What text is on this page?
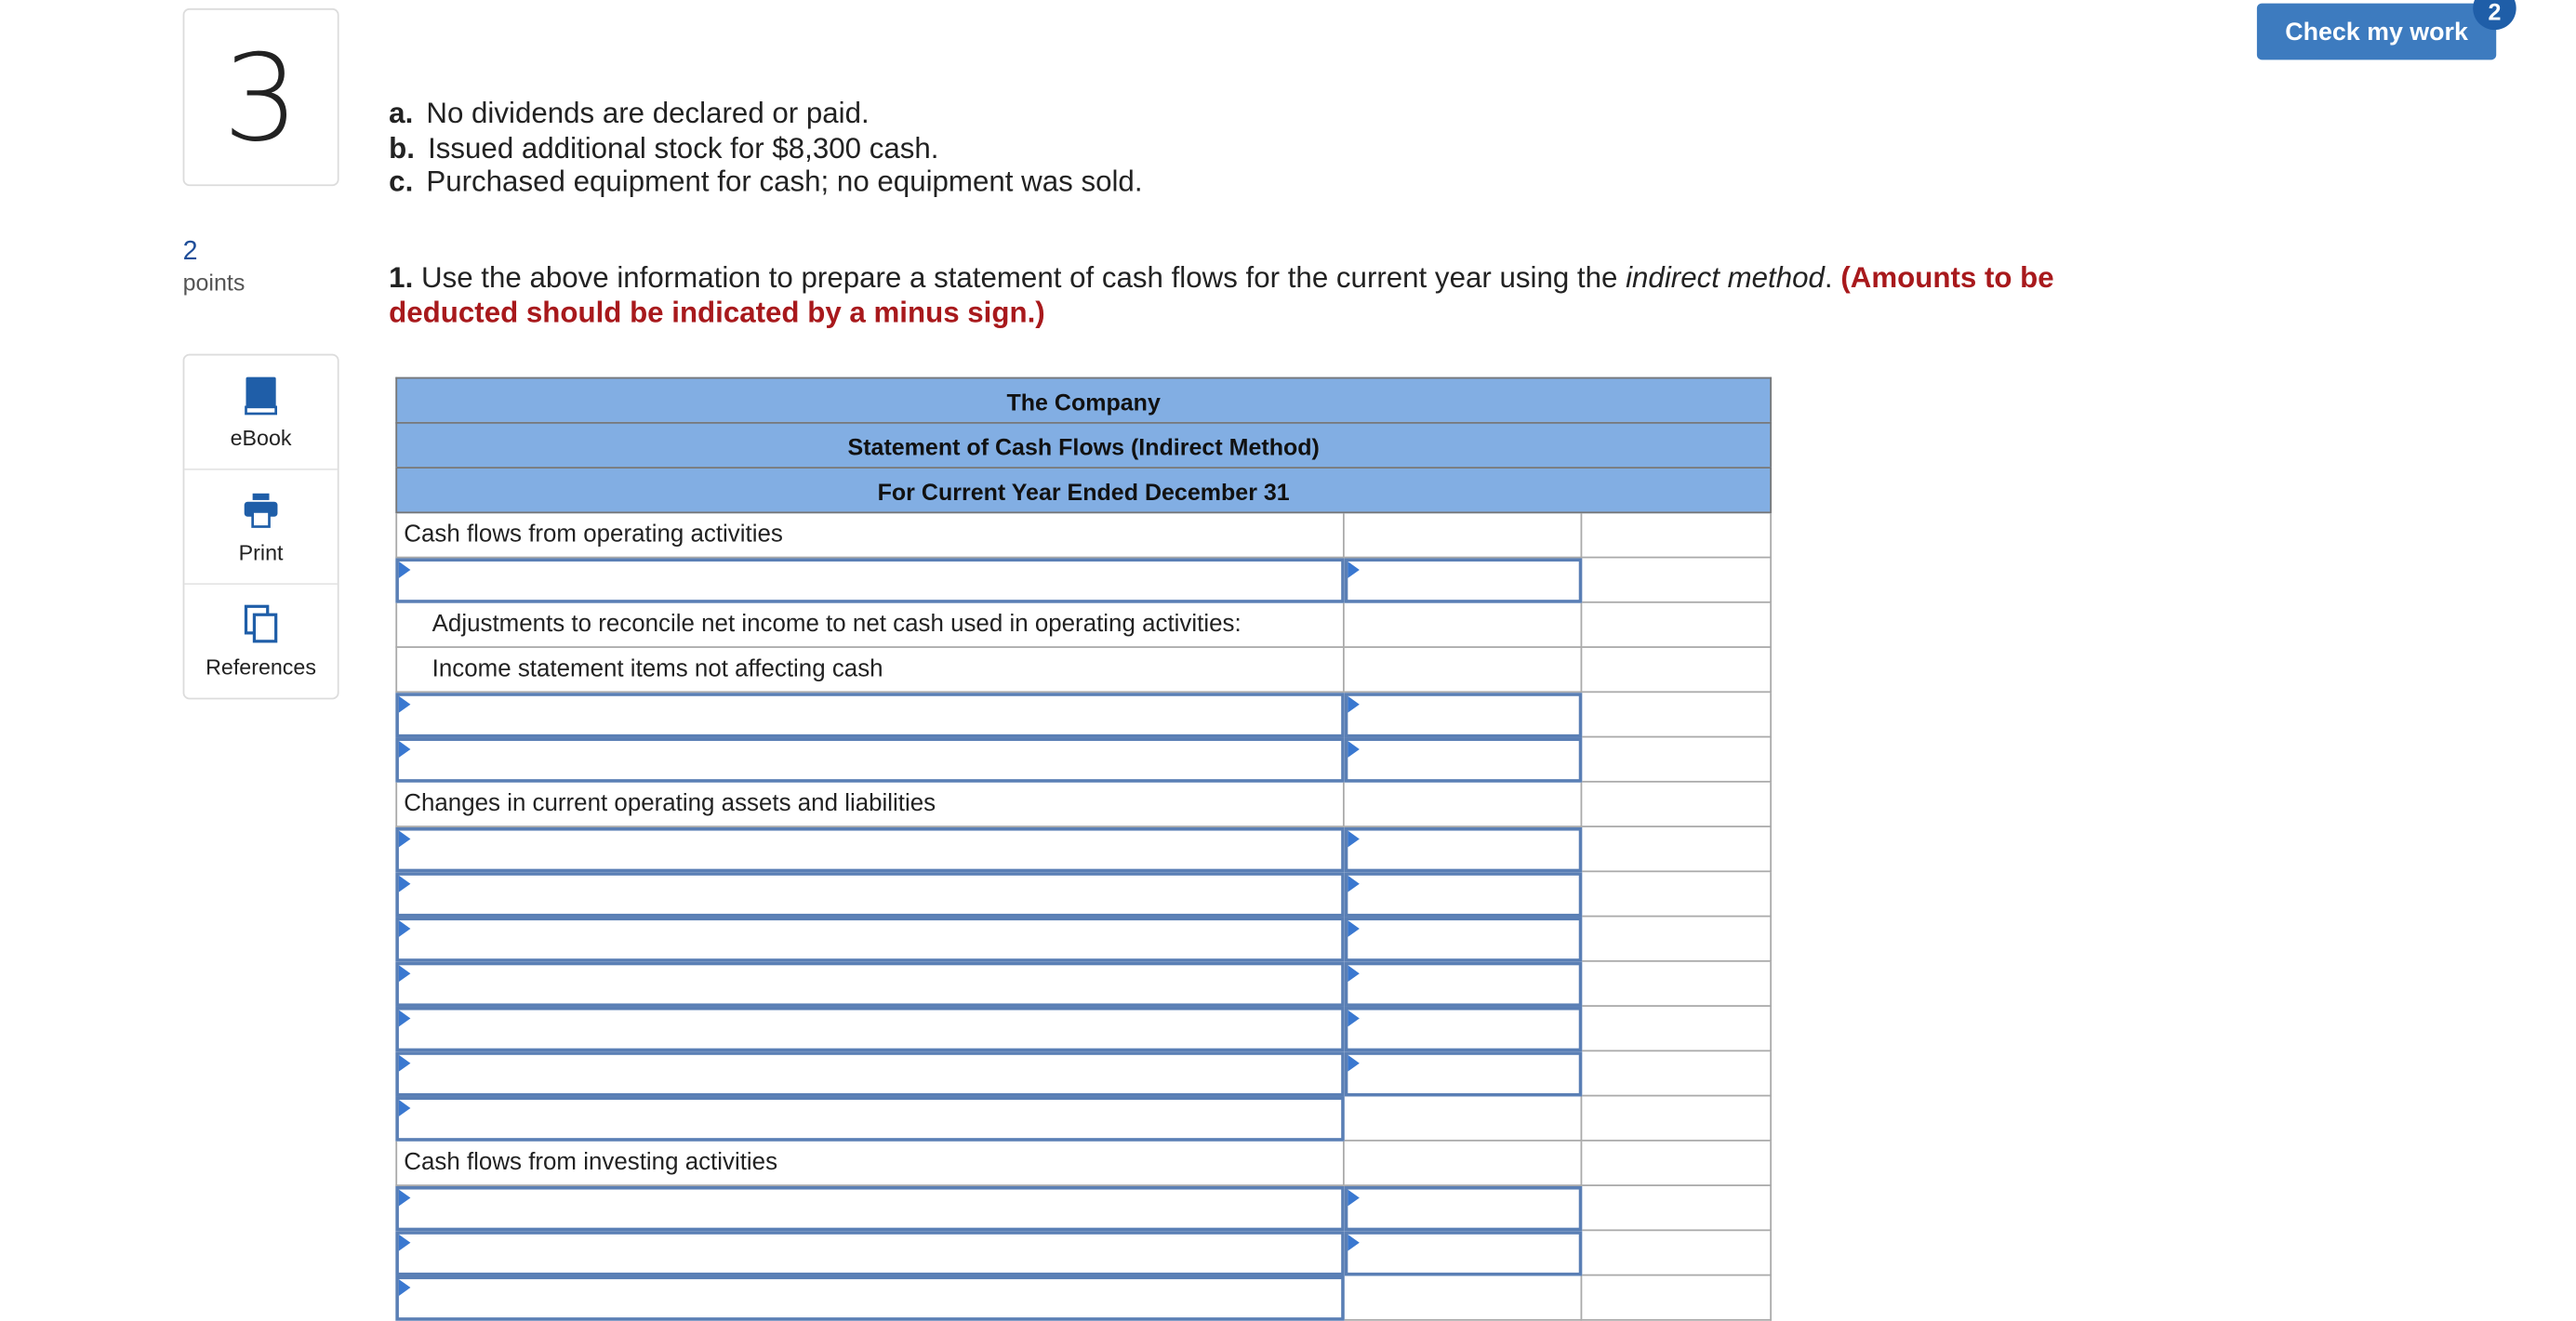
3
2
points
eBook
Print
References
Check my work
2
a. No dividends are declared or paid.
b. Issued additional stock for $8,300 cash.
c. Purchased equipment for cash; no equipment was sold.
1. Use the above information to prepare a statement of cash flows for the current year using the indirect method. (Amounts to be deducted should be indicated by a minus sign.)
The Company
Statement of Cash Flows (Indirect Method)
For Current Year Ended December 31
Cash flows from operating activities
Adjustments to reconcile net income to net cash used in operating activities:
Income statement items not affecting cash
Changes in current operating assets and liabilities
Cash flows from investing activities
